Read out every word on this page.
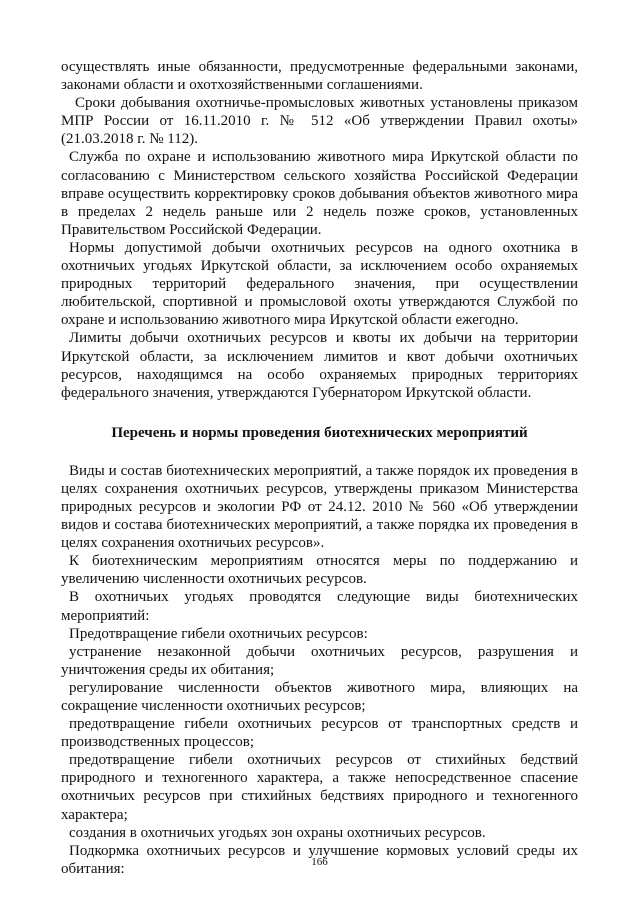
осуществлять иные обязанности, предусмотренные федеральными законами, законами области и охотхозяйственными соглашениями.

Сроки добывания охотничье-промысловых животных установлены приказом МПР России от 16.11.2010 г. № 512 «Об утверждении Правил охоты» (21.03.2018 г. № 112).

Служба по охране и использованию животного мира Иркутской области по согласованию с Министерством сельского хозяйства Российской Федерации вправе осуществить корректировку сроков добывания объектов животного мира в пределах 2 недель раньше или 2 недель позже сроков, установленных Правительством Российской Федерации.

Нормы допустимой добычи охотничьих ресурсов на одного охотника в охотничьих угодьях Иркутской области, за исключением особо охраняемых природных территорий федерального значения, при осуществлении любительской, спортивной и промысловой охоты утверждаются Службой по охране и использованию животного мира Иркутской области ежегодно.

Лимиты добычи охотничьих ресурсов и квоты их добычи на территории Иркутской области, за исключением лимитов и квот добычи охотничьих ресурсов, находящимся на особо охраняемых природных территориях федерального значения, утверждаются Губернатором Иркутской области.

Перечень и нормы проведения биотехнических мероприятий

Виды и состав биотехнических мероприятий, а также порядок их проведения в целях сохранения охотничьих ресурсов, утверждены приказом Министерства природных ресурсов и экологии РФ от 24.12. 2010 № 560 «Об утверждении видов и состава биотехнических мероприятий, а также порядка их проведения в целях сохранения охотничьих ресурсов».

К биотехническим мероприятиям относятся меры по поддержанию и увеличению численности охотничьих ресурсов.

В охотничьих угодьях проводятся следующие виды биотехнических мероприятий:

Предотвращение гибели охотничьих ресурсов:

устранение незаконной добычи охотничьих ресурсов, разрушения и уничтожения среды их обитания;

регулирование численности объектов животного мира, влияющих на сокращение численности охотничьих ресурсов;

предотвращение гибели охотничьих ресурсов от транспортных средств и производственных процессов;

предотвращение гибели охотничьих ресурсов от стихийных бедствий природного и техногенного характера, а также непосредственное спасение охотничьих ресурсов при стихийных бедствиях природного и техногенного характера;

создания в охотничьих угодьях зон охраны охотничьих ресурсов.

Подкормка охотничьих ресурсов и улучшение кормовых условий среды их обитания:	166
